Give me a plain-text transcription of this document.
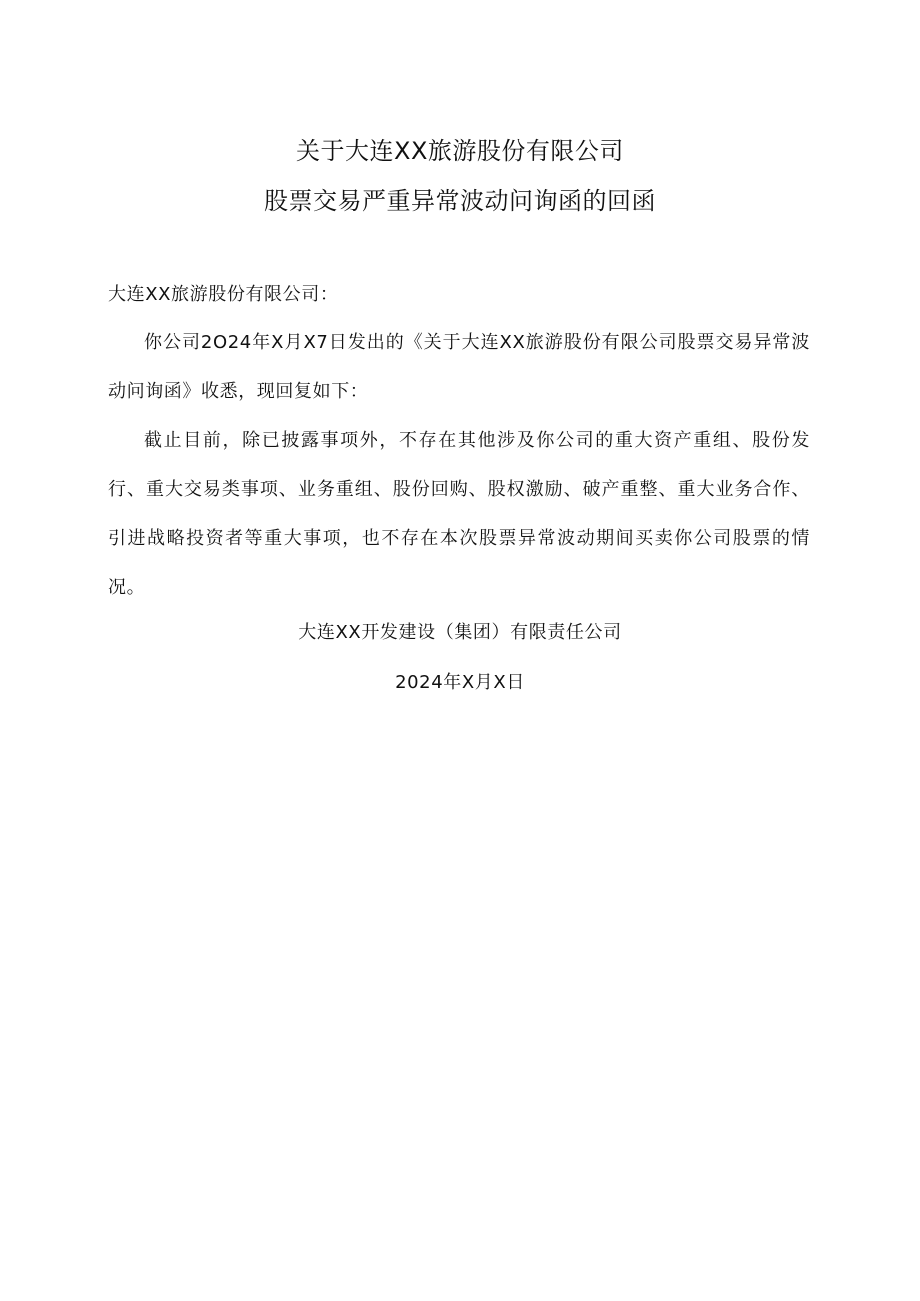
关于大连XX旅游股份有限公司
股票交易严重异常波动问询函的回函
大连XX旅游股份有限公司：

你公司2O24年X月X7日发出的《关于大连XX旅游股份有限公司股票交易异常波动问询函》收悉，现回复如下：

截止目前，除已披露事项外，不存在其他涉及你公司的重大资产重组、股份发行、重大交易类事项、业务重组、股份回购、股权激励、破产重整、重大业务合作、引进战略投资者等重大事项，也不存在本次股票异常波动期间买卖你公司股票的情况。

大连XX开发建设（集团）有限责任公司
2024年X月X日
